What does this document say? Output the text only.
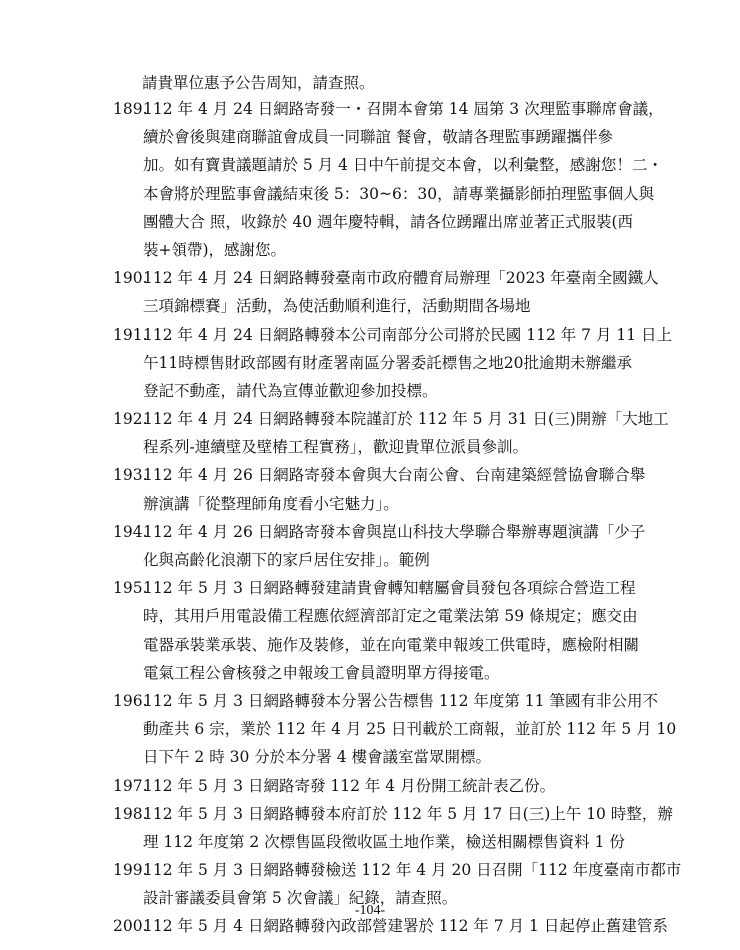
請貴單位惠予公告周知，請查照。
189.
112 年 4 月 24 日網路寄發一・召開本會第 14 屆第 3 次理監事聯席會議，
續於會後與建商聯誼會成員一同聯誼 餐會，敬請各理監事踴躍攜伴參
加。如有寶貴議題請於 5 月 4 日中午前提交本會，以利彙整，感謝您！二・
本會將於理監事會議結束後 5：30~6：30，請專業攝影師拍理監事個人與
團體大合 照，收錄於 40 週年慶特輯，請各位踴躍出席並著正式服裝(西
裝+領帶)，感謝您。
190.
112 年 4 月 24 日網路轉發臺南市政府體育局辦理「2023 年臺南全國鐵人
三項錦標賽」活動，為使活動順利進行，活動期間各場地
191.
112 年 4 月 24 日網路轉發本公司南部分公司將於民國 112 年 7 月 11 日上
午11時標售財政部國有財產署南區分署委託標售之地20批逾期未辦繼承
登記不動產，請代為宣傳並歡迎參加投標。
192.
112 年 4 月 24 日網路轉發本院謹訂於 112 年 5 月 31 日(三)開辦「大地工
程系列-連續壁及壁樁工程實務」，歡迎貴單位派員參訓。
193.
112 年 4 月 26 日網路寄發本會與大台南公會、台南建築經營協會聯合舉
辦演講「從整理師角度看小宅魅力」。
194.
112 年 4 月 26 日網路寄發本會與崑山科技大學聯合舉辦專題演講「少子
化與高齡化浪潮下的家戶居住安排」。範例
195.
112 年 5 月 3 日網路轉發建請貴會轉知轄屬會員發包各項綜合營造工程
時，其用戶用電設備工程應依經濟部訂定之電業法第 59 條規定；應交由
電器承裝業承裝、施作及裝修，並在向電業申報竣工供電時，應檢附相關
電氣工程公會核發之申報竣工會員證明單方得接電。
196.
112 年 5 月 3 日網路轉發本分署公告標售 112 年度第 11 筆國有非公用不
動產共 6 宗，業於 112 年 4 月 25 日刊載於工商報，並訂於 112 年 5 月 10
日下午 2 時 30 分於本分署 4 樓會議室當眾開標。
197.
112 年 5 月 3 日網路寄發 112 年 4 月份開工統計表乙份。
198.
112 年 5 月 3 日網路轉發本府訂於 112 年 5 月 17 日(三)上午 10 時整，辦
理 112 年度第 2 次標售區段徵收區土地作業，檢送相關標售資料 1 份
199.
112 年 5 月 3 日網路轉發檢送 112 年 4 月 20 日召開「112 年度臺南市都市
設計審議委員會第 5 次會議」紀錄，請查照。
200.
112 年 5 月 4 日網路轉發內政部營建署於 112 年 7 月 1 日起停止舊建管系
-104-
